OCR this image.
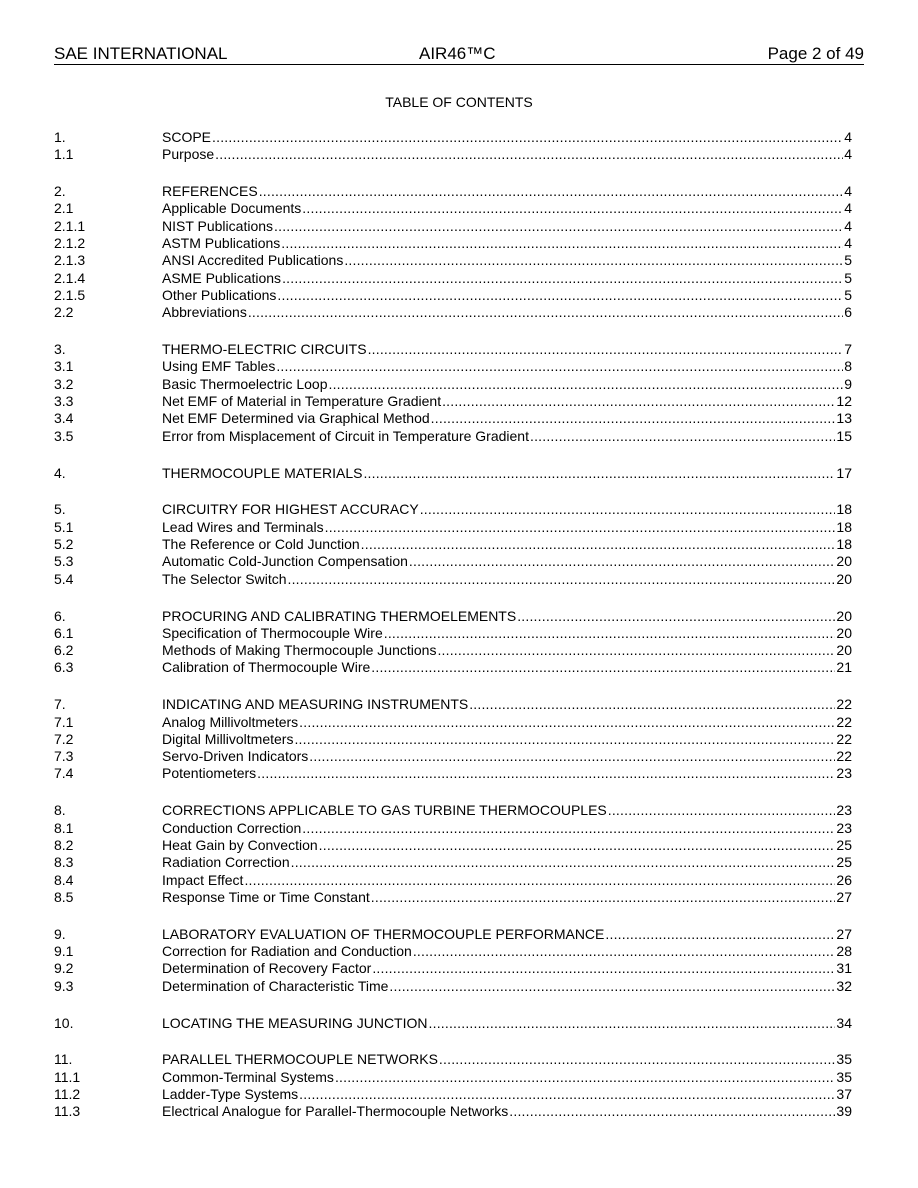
SAE INTERNATIONAL	AIR46™C	Page 2 of 49
TABLE OF CONTENTS
1.	SCOPE .....	4
1.1	Purpose .....	4
2.	REFERENCES .....	4
2.1	Applicable Documents .....	4
2.1.1	NIST Publications .....	4
2.1.2	ASTM Publications .....	4
2.1.3	ANSI Accredited Publications .....	5
2.1.4	ASME Publications .....	5
2.1.5	Other Publications .....	5
2.2	Abbreviations .....	6
3.	THERMO-ELECTRIC CIRCUITS .....	7
3.1	Using EMF Tables .....	8
3.2	Basic Thermoelectric Loop .....	9
3.3	Net EMF of Material in Temperature Gradient .....	12
3.4	Net EMF Determined via Graphical Method .....	13
3.5	Error from Misplacement of Circuit in Temperature Gradient .....	15
4.	THERMOCOUPLE MATERIALS .....	17
5.	CIRCUITRY FOR HIGHEST ACCURACY .....	18
5.1	Lead Wires and Terminals .....	18
5.2	The Reference or Cold Junction .....	18
5.3	Automatic Cold-Junction Compensation .....	20
5.4	The Selector Switch .....	20
6.	PROCURING AND CALIBRATING THERMOELEMENTS .....	20
6.1	Specification of Thermocouple Wire .....	20
6.2	Methods of Making Thermocouple Junctions .....	20
6.3	Calibration of Thermocouple Wire .....	21
7.	INDICATING AND MEASURING INSTRUMENTS .....	22
7.1	Analog Millivoltmeters .....	22
7.2	Digital Millivoltmeters .....	22
7.3	Servo-Driven Indicators .....	22
7.4	Potentiometers .....	23
8.	CORRECTIONS APPLICABLE TO GAS TURBINE THERMOCOUPLES .....	23
8.1	Conduction Correction .....	23
8.2	Heat Gain by Convection .....	25
8.3	Radiation Correction .....	25
8.4	Impact Effect .....	26
8.5	Response Time or Time Constant .....	27
9.	LABORATORY EVALUATION OF THERMOCOUPLE PERFORMANCE .....	27
9.1	Correction for Radiation and Conduction .....	28
9.2	Determination of Recovery Factor .....	31
9.3	Determination of Characteristic Time .....	32
10.	LOCATING THE MEASURING JUNCTION .....	34
11.	PARALLEL THERMOCOUPLE NETWORKS .....	35
11.1	Common-Terminal Systems .....	35
11.2	Ladder-Type Systems .....	37
11.3	Electrical Analogue for Parallel-Thermocouple Networks .....	39
